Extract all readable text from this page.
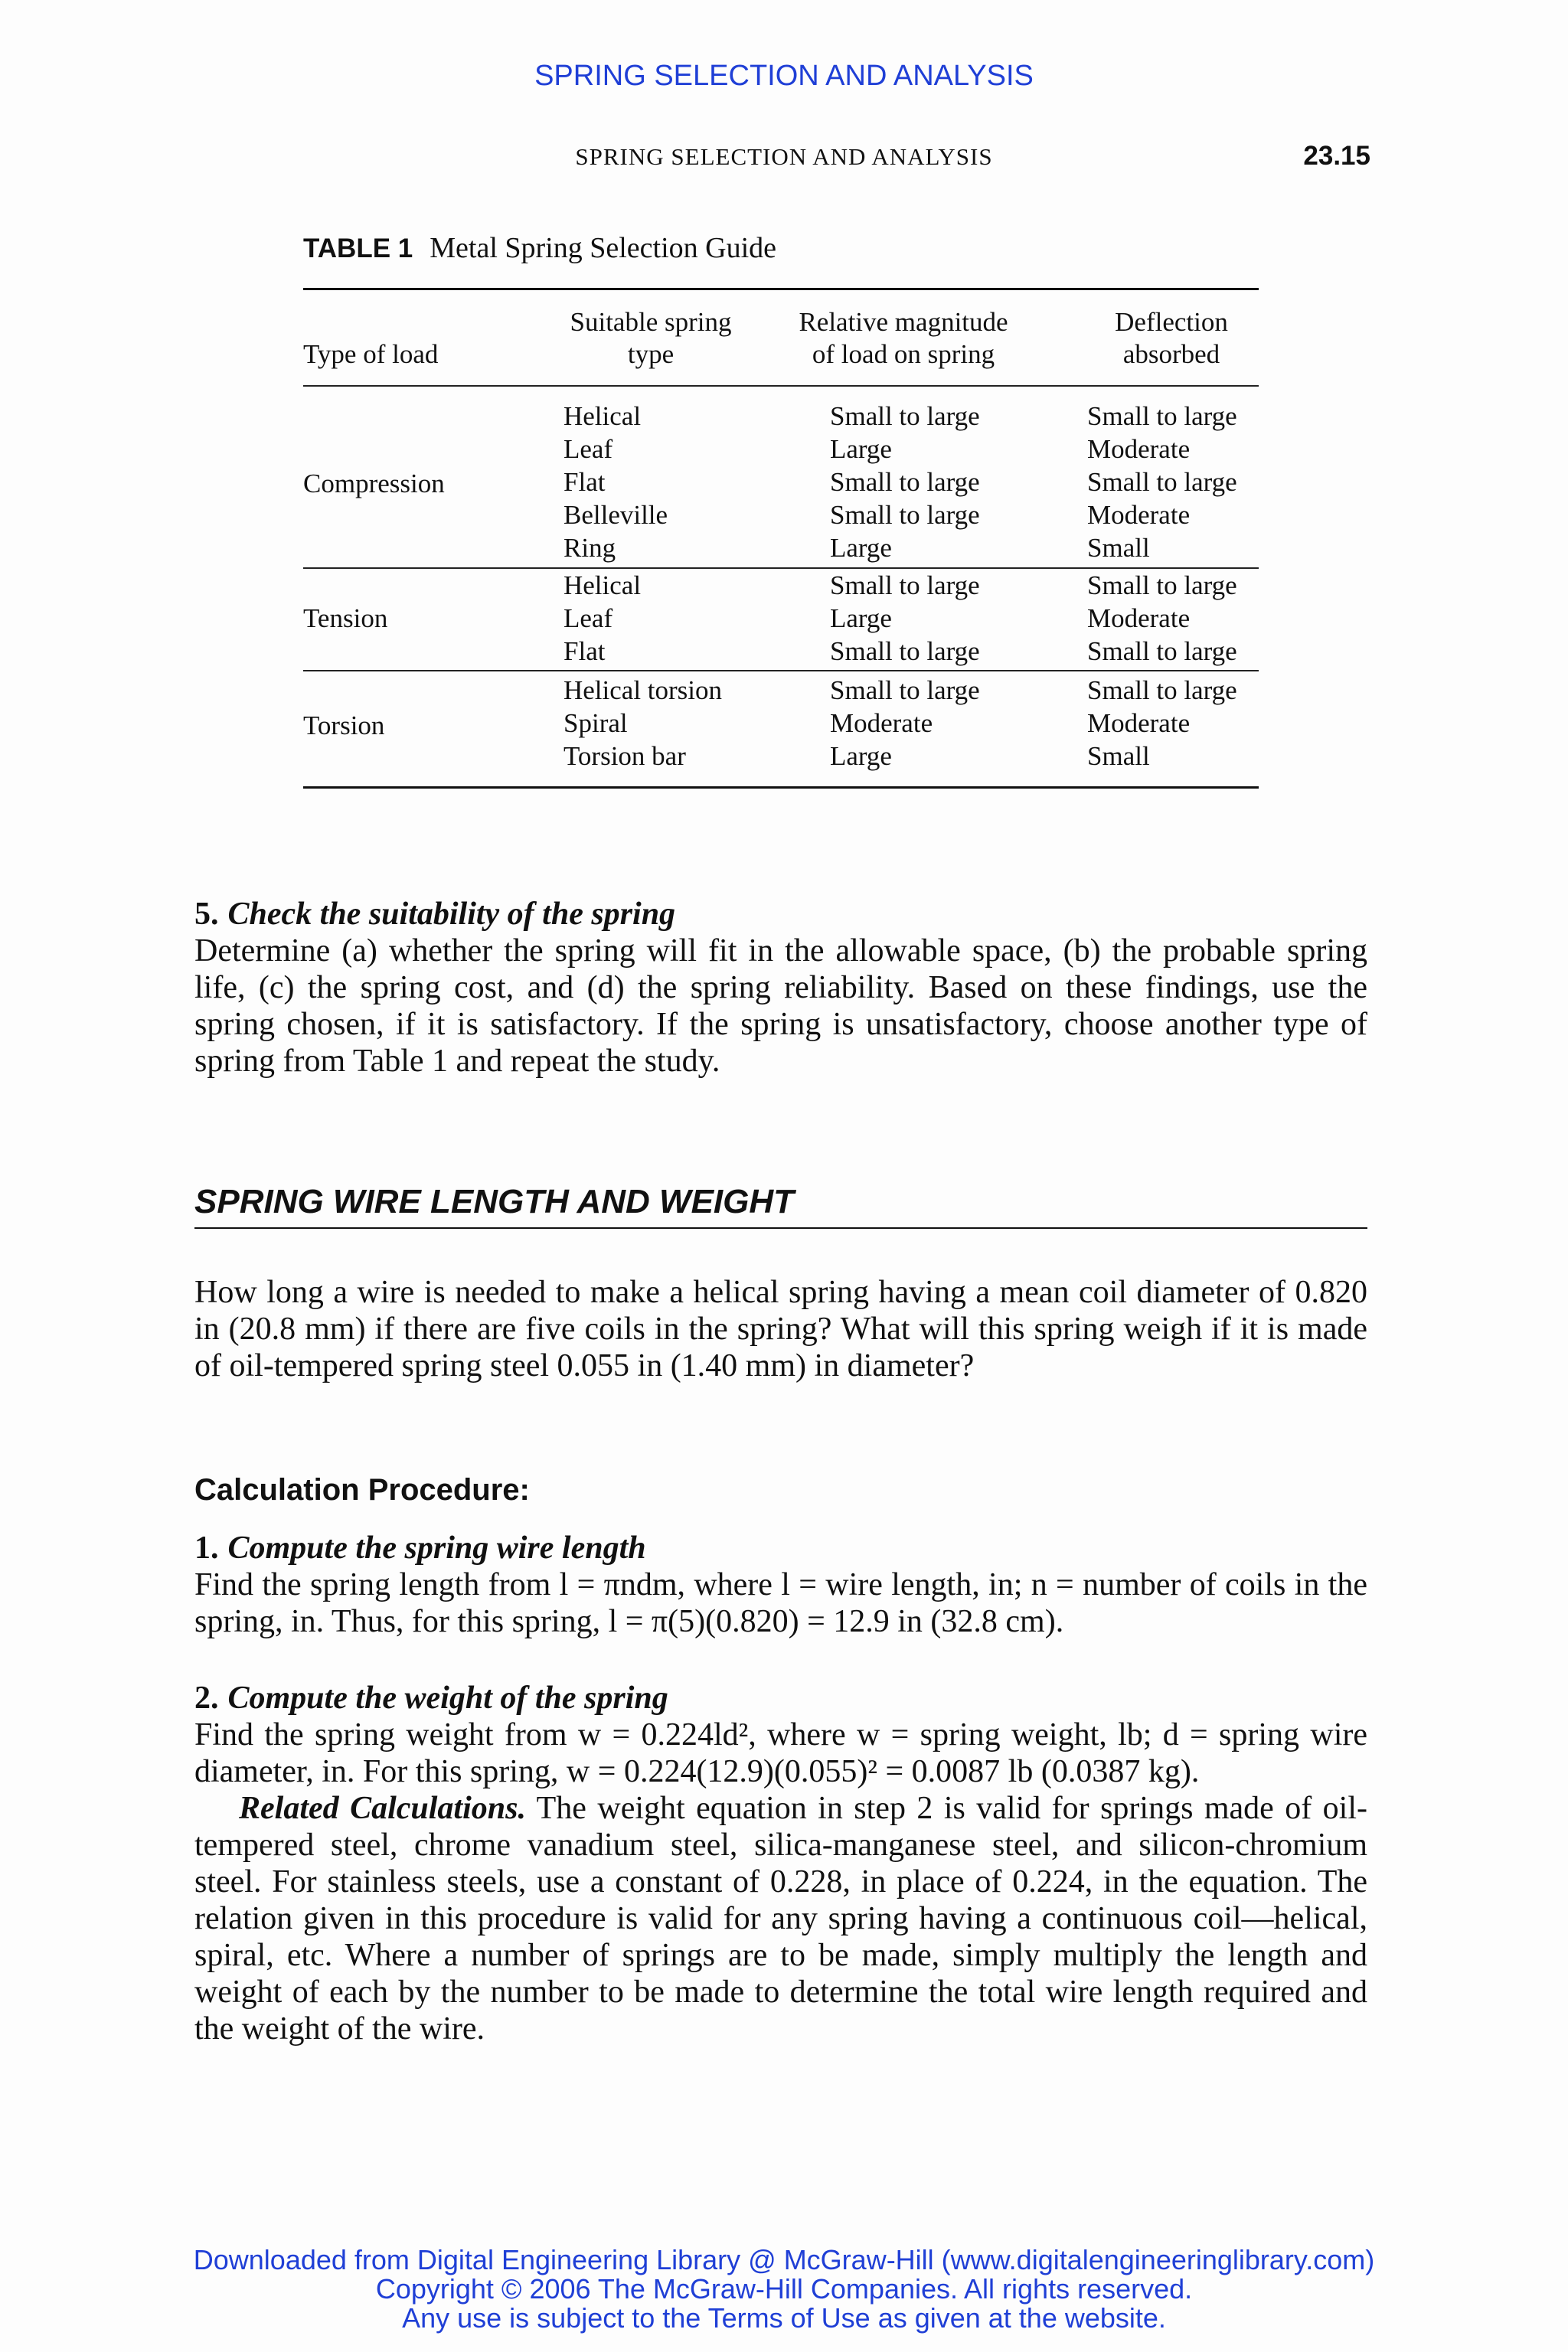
SPRING SELECTION AND ANALYSIS
SPRING SELECTION AND ANALYSIS	23.15
TABLE 1 Metal Spring Selection Guide
Type of load
Suitable spring
type
Relative magnitude
of load on spring
Deflection
absorbed
Compression
Helical
Leaf
Flat
Belleville
Ring
Small to large
Large
Small to large
Small to large
Large
Small to large
Moderate
Small to large
Moderate
Small
Tension
Helical
Leaf
Flat
Small to large
Large
Small to large
Small to large
Moderate
Small to large
Torsion
Helical torsion
Spiral
Torsion bar
Small to large
Moderate
Large
Small to large
Moderate
Small
5. Check the suitability of the spring
Determine (a) whether the spring will fit in the allowable space, (b) the probable spring life, (c) the spring cost, and (d) the spring reliability. Based on these findings, use the spring chosen, if it is satisfactory. If the spring is unsatisfactory, choose another type of spring from Table 1 and repeat the study.
SPRING WIRE LENGTH AND WEIGHT
How long a wire is needed to make a helical spring having a mean coil diameter of 0.820 in (20.8 mm) if there are five coils in the spring? What will this spring weigh if it is made of oil-tempered spring steel 0.055 in (1.40 mm) in diameter?
Calculation Procedure:
1. Compute the spring wire length
Find the spring length from l = πndm, where l = wire length, in; n = number of coils in the spring, in. Thus, for this spring, l = π(5)(0.820) = 12.9 in (32.8 cm).
2. Compute the weight of the spring
Find the spring weight from w = 0.224ld², where w = spring weight, lb; d = spring wire diameter, in. For this spring, w = 0.224(12.9)(0.055)² = 0.0087 lb (0.0387 kg).
Related Calculations. The weight equation in step 2 is valid for springs made of oil-tempered steel, chrome vanadium steel, silica-manganese steel, and silicon-chromium steel. For stainless steels, use a constant of 0.228, in place of 0.224, in the equation. The relation given in this procedure is valid for any spring having a continuous coil—helical, spiral, etc. Where a number of springs are to be made, simply multiply the length and weight of each by the number to be made to determine the total wire length required and the weight of the wire.
Downloaded from Digital Engineering Library @ McGraw-Hill (www.digitalengineeringlibrary.com)
Copyright © 2006 The McGraw-Hill Companies. All rights reserved.
Any use is subject to the Terms of Use as given at the website.
